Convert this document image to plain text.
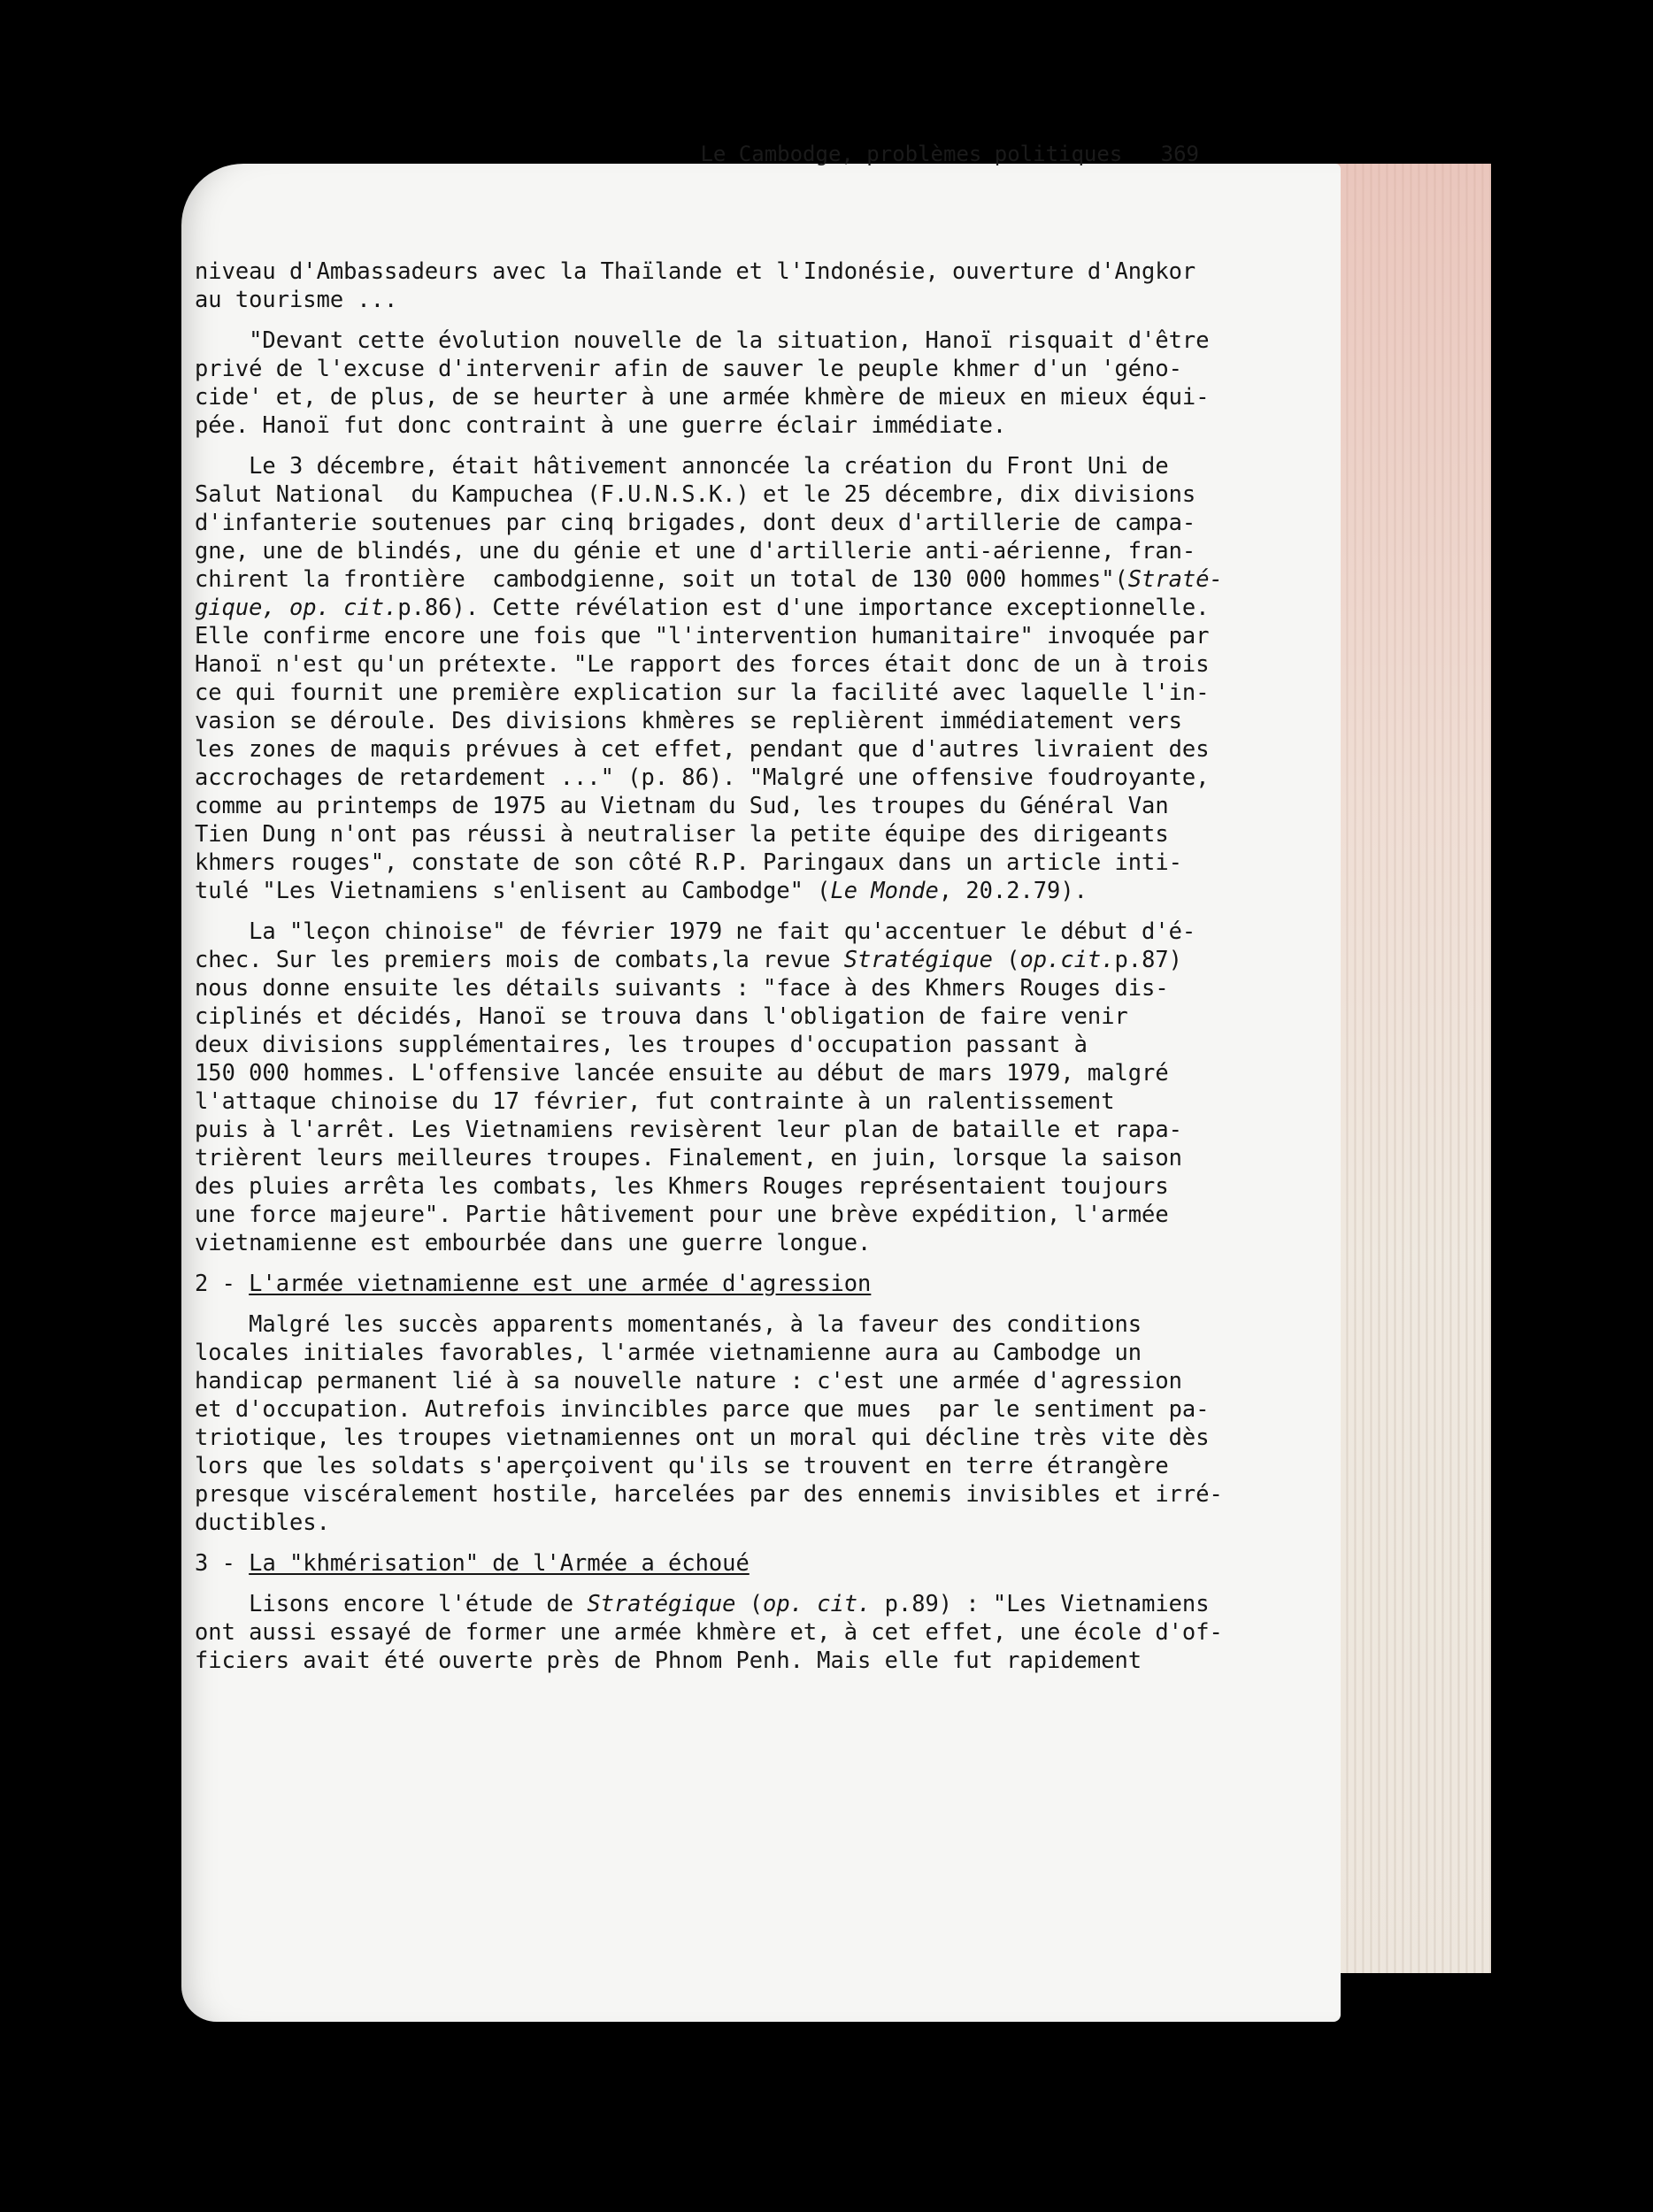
Le Cambodge, problèmes politiques 369
niveau d'Ambassadeurs avec la Thaïlande et l'Indonésie, ouverture d'Angkor
au tourisme ...
"Devant cette évolution nouvelle de la situation, Hanoï risquait d'être
privé de l'excuse d'intervenir afin de sauver le peuple khmer d'un 'géno-
cide' et, de plus, de se heurter à une armée khmère de mieux en mieux équi-
pée. Hanoï fut donc contraint à une guerre éclair immédiate.
Le 3 décembre, était hâtivement annoncée la création du Front Uni de
Salut National  du Kampuchea (F.U.N.S.K.) et le 25 décembre, dix divisions
d'infanterie soutenues par cinq brigades, dont deux d'artillerie de campa-
gne, une de blindés, une du génie et une d'artillerie anti-aérienne, fran-
chirent la frontière  cambodgienne, soit un total de 130 000 hommes"(Straté-
gique, op. cit.p.86). Cette révélation est d'une importance exceptionnelle.
Elle confirme encore une fois que "l'intervention humanitaire" invoquée par
Hanoï n'est qu'un prétexte. "Le rapport des forces était donc de un à trois
ce qui fournit une première explication sur la facilité avec laquelle l'in-
vasion se déroule. Des divisions khmères se replièrent immédiatement vers
les zones de maquis prévues à cet effet, pendant que d'autres livraient des
accrochages de retardement ..." (p. 86). "Malgré une offensive foudroyante,
comme au printemps de 1975 au Vietnam du Sud, les troupes du Général Van
Tien Dung n'ont pas réussi à neutraliser la petite équipe des dirigeants
khmers rouges", constate de son côté R.P. Paringaux dans un article inti-
tulé "Les Vietnamiens s'enlisent au Cambodge" (Le Monde, 20.2.79).
La "leçon chinoise" de février 1979 ne fait qu'accentuer le début d'é-
chec. Sur les premiers mois de combats,la revue Stratégique (op.cit.p.87)
nous donne ensuite les détails suivants : "face à des Khmers Rouges dis-
ciplinés et décidés, Hanoï se trouva dans l'obligation de faire venir
deux divisions supplémentaires, les troupes d'occupation passant à
150 000 hommes. L'offensive lancée ensuite au début de mars 1979, malgré
l'attaque chinoise du 17 février, fut contrainte à un ralentissement
puis à l'arrêt. Les Vietnamiens revisèrent leur plan de bataille et rapa-
trièrent leurs meilleures troupes. Finalement, en juin, lorsque la saison
des pluies arrêta les combats, les Khmers Rouges représentaient toujours
une force majeure". Partie hâtivement pour une brève expédition, l'armée
vietnamienne est embourbée dans une guerre longue.
2 - L'armée vietnamienne est une armée d'agression
Malgré les succès apparents momentanés, à la faveur des conditions
locales initiales favorables, l'armée vietnamienne aura au Cambodge un
handicap permanent lié à sa nouvelle nature : c'est une armée d'agression
et d'occupation. Autrefois invincibles parce que mues  par le sentiment pa-
triotique, les troupes vietnamiennes ont un moral qui décline très vite dès
lors que les soldats s'aperçoivent qu'ils se trouvent en terre étrangère
presque viscéralement hostile, harcelées par des ennemis invisibles et irré-
ductibles.
3 - La "khmérisation" de l'Armée a échoué
Lisons encore l'étude de Stratégique (op. cit. p.89) : "Les Vietnamiens
ont aussi essayé de former une armée khmère et, à cet effet, une école d'of-
ficiers avait été ouverte près de Phnom Penh. Mais elle fut rapidement
